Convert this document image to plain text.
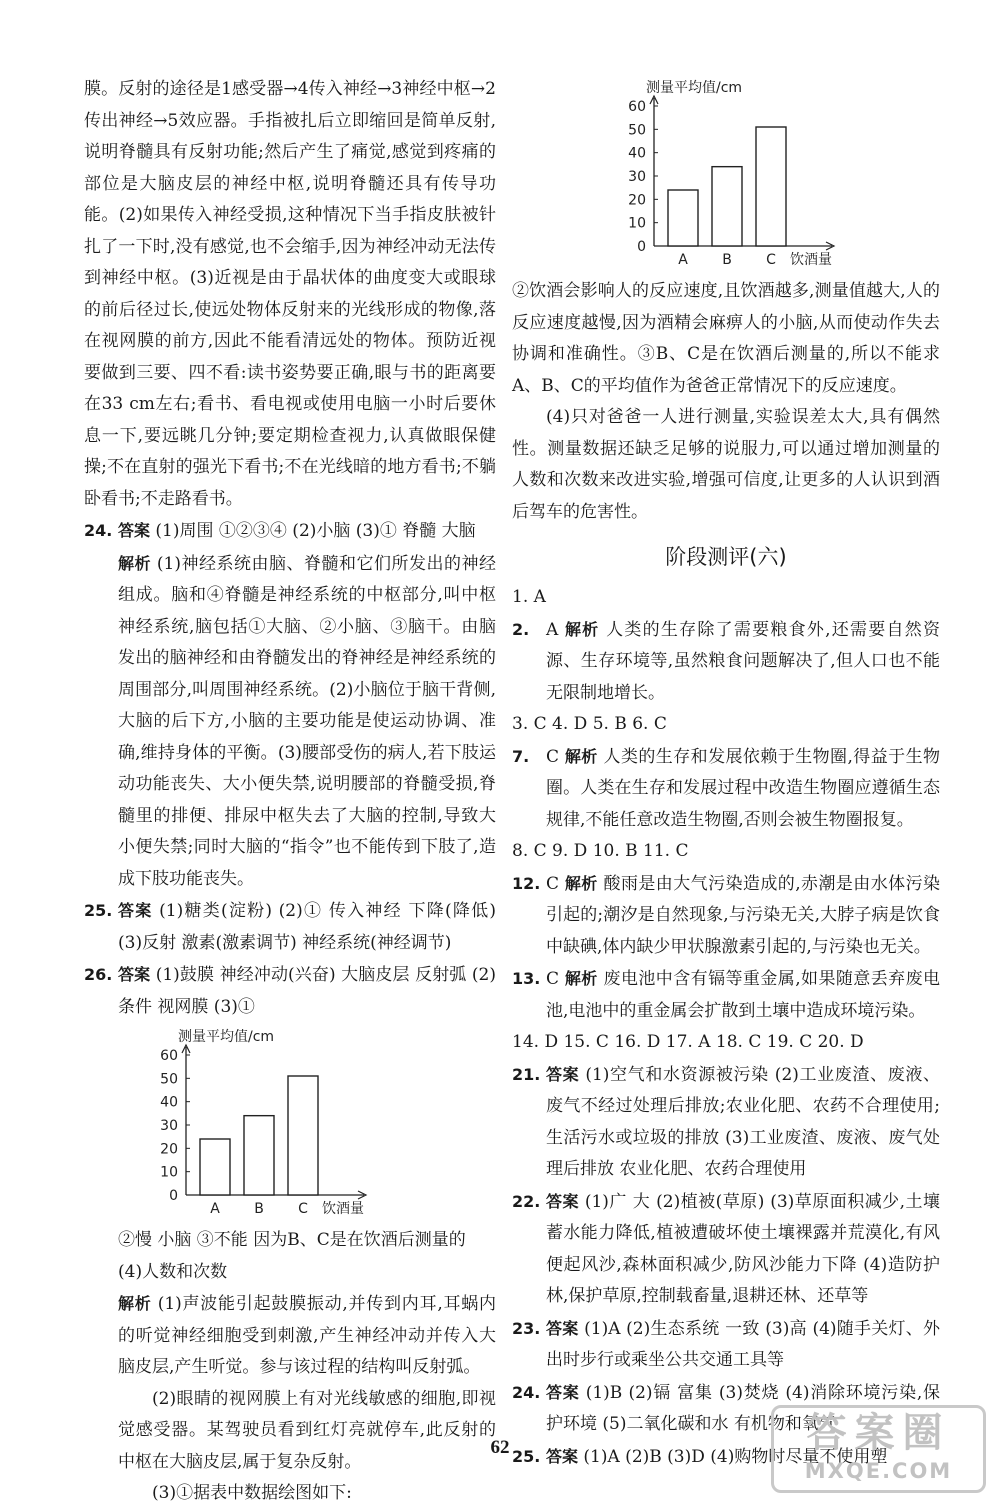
膜。反射的途径是1感受器→4传入神经→3神经中枢→2传出神经→5效应器。手指被扎后立即缩回是简单反射,说明脊髓具有反射功能;然后产生了痛觉,感觉到疼痛的部位是大脑皮层的神经中枢,说明脊髓还具有传导功能。(2)如果传入神经受损,这种情况下当手指皮肤被针扎了一下时,没有感觉,也不会缩手,因为神经冲动无法传到神经中枢。(3)近视是由于晶状体的曲度变大或眼球的前后径过长,使远处物体反射来的光线形成的物像,落在视网膜的前方,因此不能看清远处的物体。预防近视要做到三要、四不看:读书姿势要正确,眼与书的距离要在33 cm左右;看书、看电视或使用电脑一小时后要休息一下,要远眺几分钟;要定期检查视力,认真做眼保健操;不在直射的强光下看书;不在光线暗的地方看书;不躺卧看书;不走路看书。

24. 答案 (1)周围 ①②③④ (2)小脑 (3)① 脊髓 大脑

解析 (1)神经系统由脑、脊髓和它们所发出的神经组成。脑和④脊髓是神经系统的中枢部分,叫中枢神经系统,脑包括①大脑、②小脑、③脑干。由脑发出的脑神经和由脊髓发出的脊神经是神经系统的周围部分,叫周围神经系统。(2)小脑位于脑干背侧,大脑的后下方,小脑的主要功能是使运动协调、准确,维持身体的平衡。(3)腰部受伤的病人,若下肢运动功能丧失、大小便失禁,说明腰部的脊髓受损,脊髓里的排便、排尿中枢失去了大脑的控制,导致大小便失禁;同时大脑的“指令”也不能传到下肢了,造成下肢功能丧失。

25. 答案 (1)糖类(淀粉) (2)① 传入神经 下降(降低) (3)反射 激素(激素调节) 神经系统(神经调节)
26. 答案 (1)鼓膜 神经冲动(兴奋) 大脑皮层 反射弧 (2)条件 视网膜 (3)①
测量平均值/cm
0
10
20
30
40
50
60
A B C 饮酒量

②慢 小脑 ③不能 因为B、C是在饮酒后测量的

(4)人数和次数

解析 (1)声波能引起鼓膜振动,并传到内耳,耳蜗内的听觉神经细胞受到刺激,产生神经冲动并传入大脑皮层,产生听觉。参与该过程的结构叫反射弧。

(2)眼睛的视网膜上有对光线敏感的细胞,即视觉感受器。某驾驶员看到红灯亮就停车,此反射的中枢在大脑皮层,属于复杂反射。

(3)①据表中数据绘图如下:

测量平均值/cm
0
10
20
30
40
50
60
A B C 饮酒量

②饮酒会影响人的反应速度,且饮酒越多,测量值越大,人的反应速度越慢,因为酒精会麻痹人的小脑,从而使动作失去协调和准确性。③B、C是在饮酒后测量的,所以不能求A、B、C的平均值作为爸爸正常情况下的反应速度。

(4)只对爸爸一人进行测量,实验误差太大,具有偶然性。测量数据还缺乏足够的说服力,可以通过增加测量的人数和次数来改进实验,增强可信度,让更多的人认识到酒后驾车的危害性。

阶段测评(六)

1. A

2. A 解析 人类的生存除了需要粮食外,还需要自然资源、生存环境等,虽然粮食问题解决了,但人口也不能无限制地增长。

3. C 4. D 5. B 6. C

7. C 解析 人类的生存和发展依赖于生物圈,得益于生物圈。人类在生存和发展过程中改造生物圈应遵循生态规律,不能任意改造生物圈,否则会被生物圈报复。

8. C 9. D 10. B 11. C

12. C 解析 酸雨是由大气污染造成的,赤潮是由水体污染引起的;潮汐是自然现象,与污染无关,大脖子病是饮食中缺碘,体内缺少甲状腺激素引起的,与污染也无关。
13. C 解析 废电池中含有镉等重金属,如果随意丢弃废电池,电池中的重金属会扩散到土壤中造成环境污染。

14. D 15. C 16. D 17. A 18. C 19. C 20. D

21. 答案 (1)空气和水资源被污染 (2)工业废渣、废液、废气不经过处理后排放;农业化肥、农药不合理使用;生活污水或垃圾的排放 (3)工业废渣、废液、废气处理后排放 农业化肥、农药合理使用
22. 答案 (1)广 大 (2)植被(草原) (3)草原面积减少,土壤蓄水能力降低,植被遭破坏使土壤裸露并荒漠化,有风便起风沙,森林面积减少,防风沙能力下降 (4)造防护林,保护草原,控制载畜量,退耕还林、还草等
23. 答案 (1)A (2)生态系统 一致 (3)高 (4)随手关灯、外出时步行或乘坐公共交通工具等
24. 答案 (1)B (2)镉 富集 (3)焚烧 (4)消除环境污染,保护环境 (5)二氧化碳和水 有机物和氧气
25. 答案 (1)A (2)B (3)D (4)购物时尽量不使用塑
62	答案圈
MXQE.COM
